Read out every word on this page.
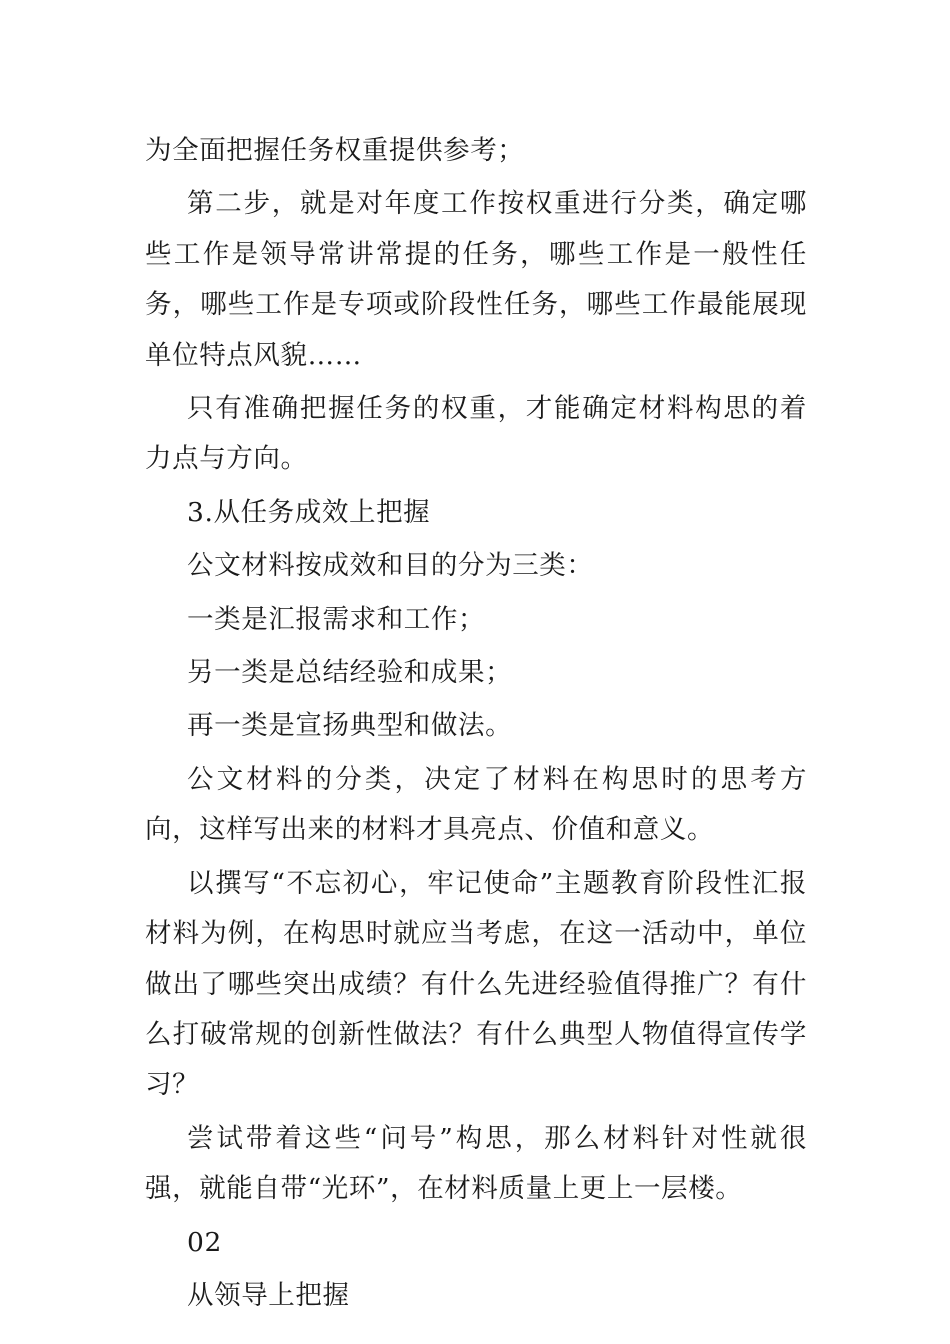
为全面把握任务权重提供参考；

第二步，就是对年度工作按权重进行分类，确定哪些工作是领导常讲常提的任务，哪些工作是一般性任务，哪些工作是专项或阶段性任务，哪些工作最能展现单位特点风貌……

只有准确把握任务的权重，才能确定材料构思的着力点与方向。

3.从任务成效上把握

公文材料按成效和目的分为三类：

一类是汇报需求和工作；

另一类是总结经验和成果；

再一类是宣扬典型和做法。

公文材料的分类，决定了材料在构思时的思考方向，这样写出来的材料才具亮点、价值和意义。

以撰写“不忘初心，牢记使命”主题教育阶段性汇报材料为例，在构思时就应当考虑，在这一活动中，单位做出了哪些突出成绩？有什么先进经验值得推广？有什么打破常规的创新性做法？有什么典型人物值得宣传学习？

尝试带着这些“问号”构思，那么材料针对性就很强，就能自带“光环”，在材料质量上更上一层楼。

02

从领导上把握
